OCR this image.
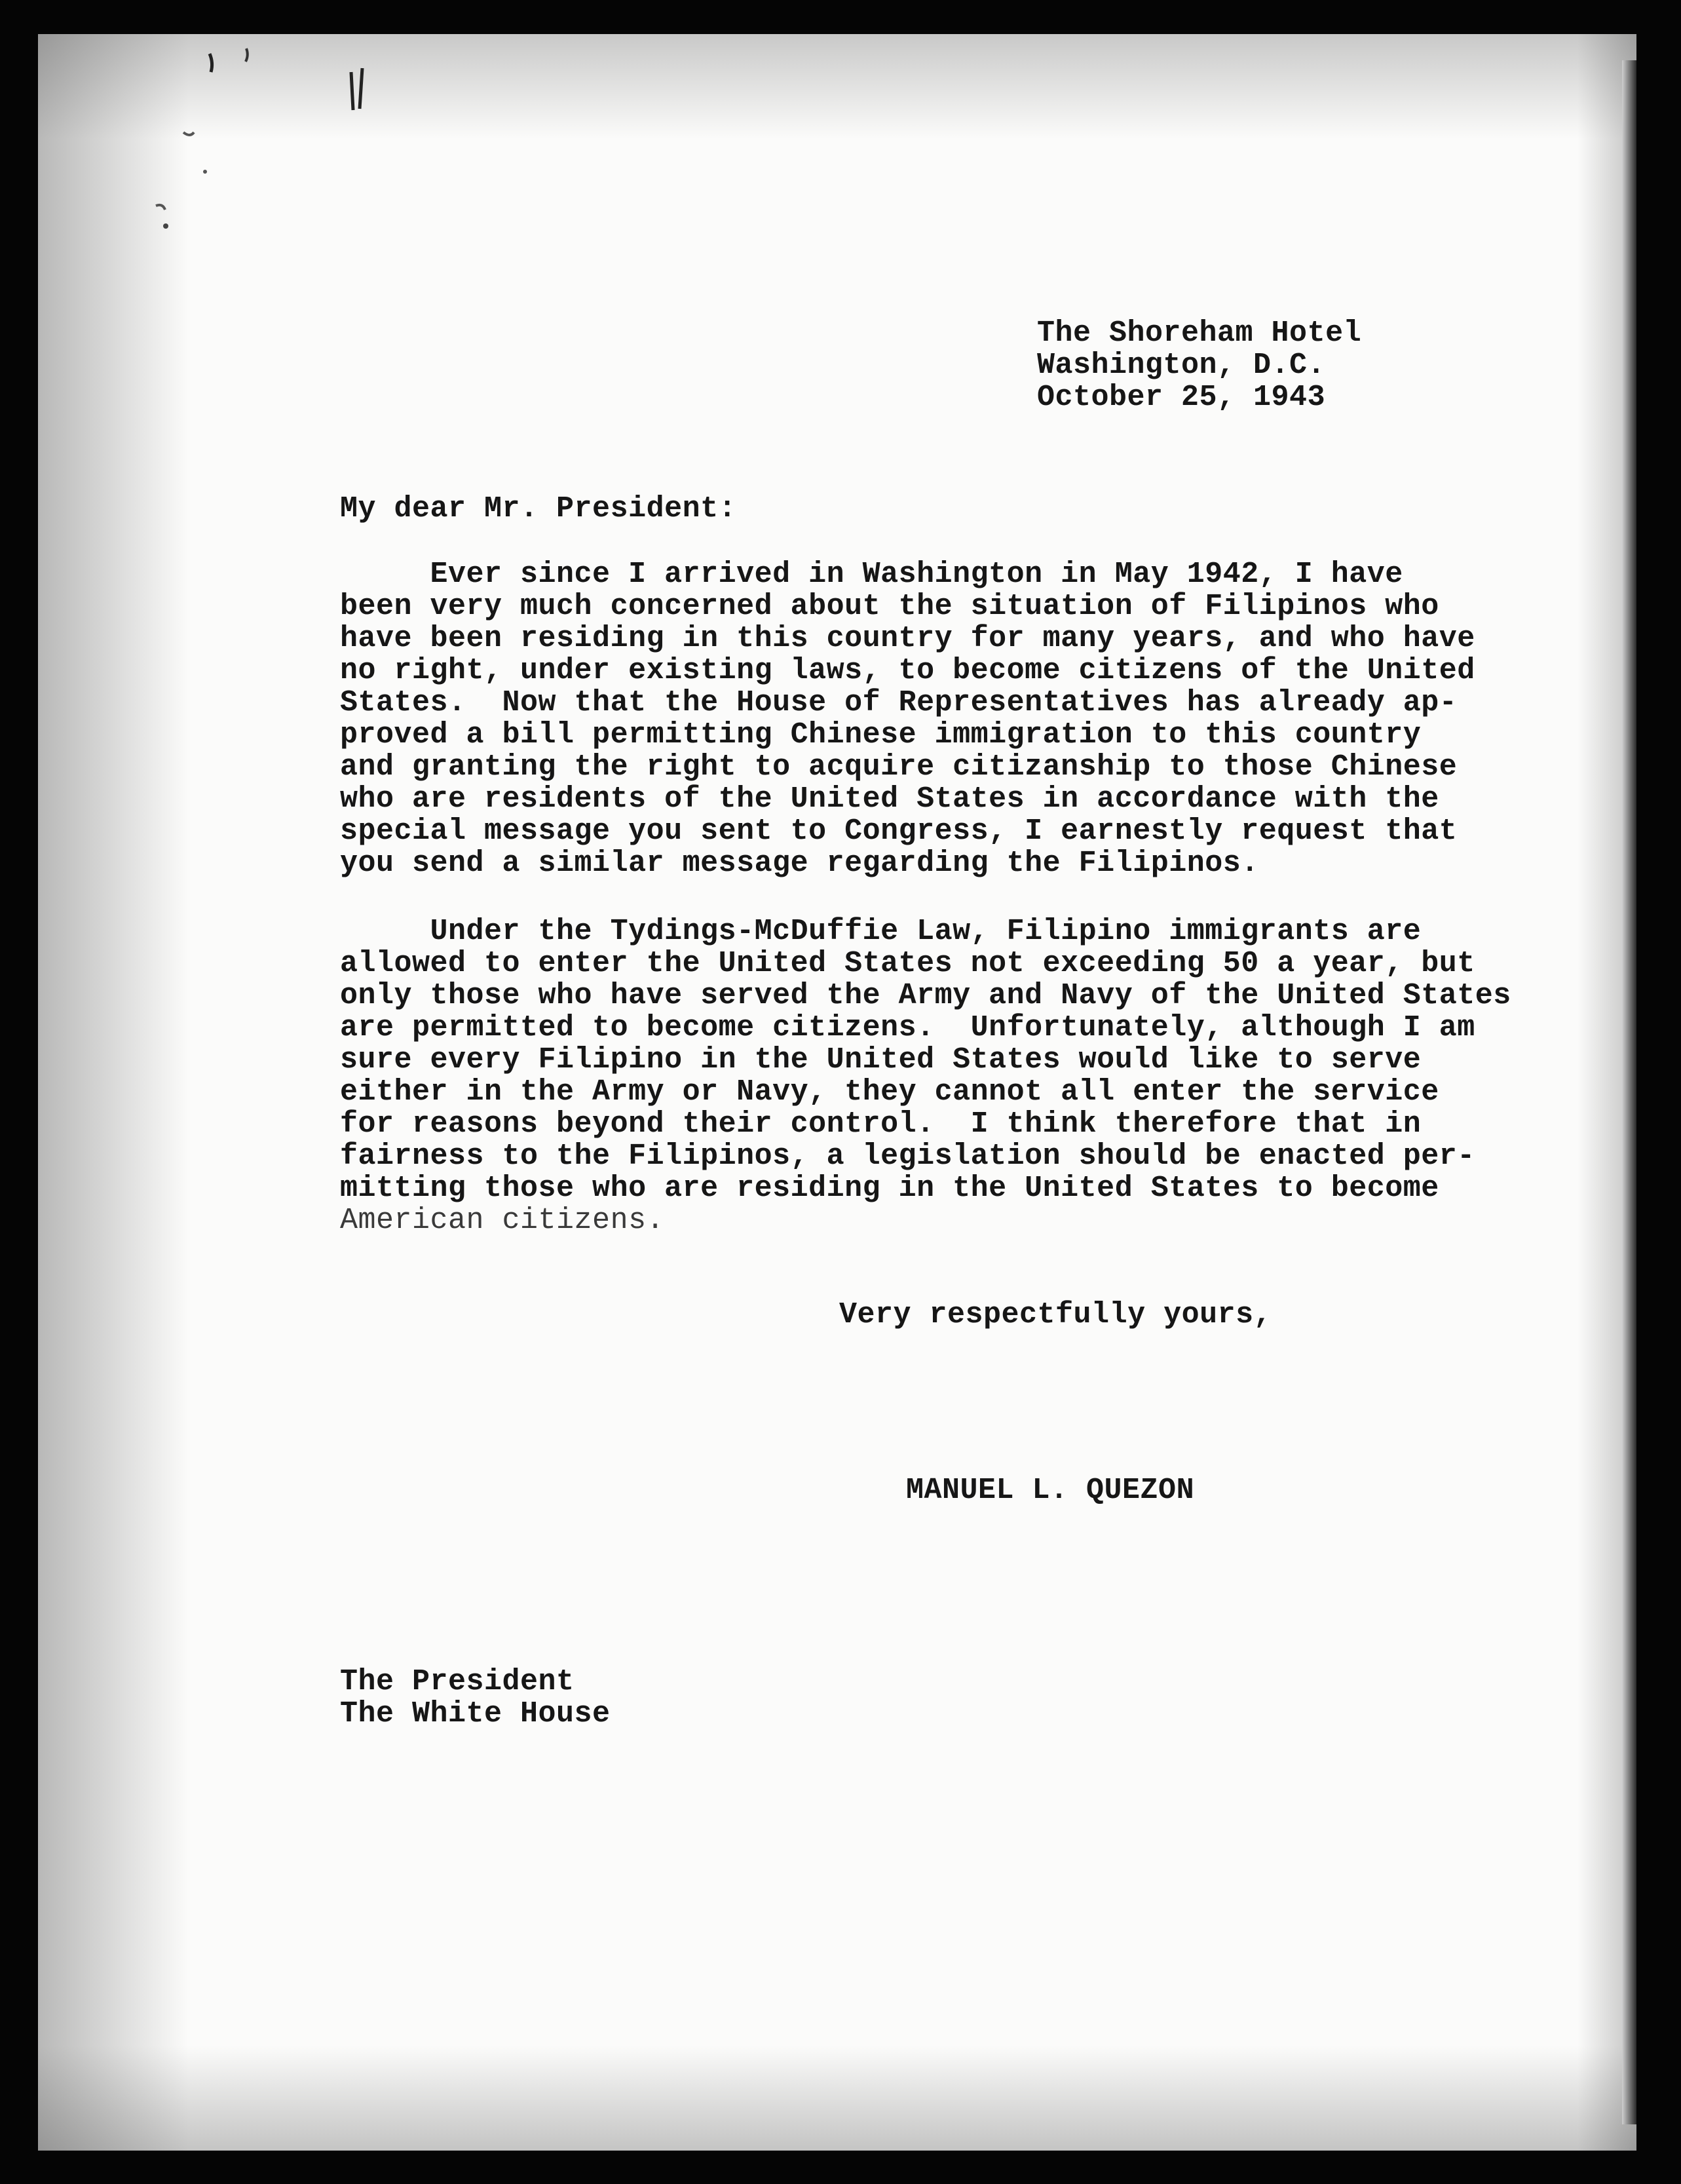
The Shoreham Hotel
Washington, D.C.
October 25, 1943
My dear Mr. President:
Ever since I arrived in Washington in May 1942, I have
been very much concerned about the situation of Filipinos who
have been residing in this country for many years, and who have
no right, under existing laws, to become citizens of the United
States.  Now that the House of Representatives has already ap-
proved a bill permitting Chinese immigration to this country
and granting the right to acquire citizanship to those Chinese
who are residents of the United States in accordance with the
special message you sent to Congress, I earnestly request that
you send a similar message regarding the Filipinos.
Under the Tydings-McDuffie Law, Filipino immigrants are
allowed to enter the United States not exceeding 50 a year, but
only those who have served the Army and Navy of the United States
are permitted to become citizens.  Unfortunately, although I am
sure every Filipino in the United States would like to serve
either in the Army or Navy, they cannot all enter the service
for reasons beyond their control.  I think therefore that in
fairness to the Filipinos, a legislation should be enacted per-
mitting those who are residing in the United States to become
American citizens.
Very respectfully yours,
MANUEL L. QUEZON
The President
The White House
